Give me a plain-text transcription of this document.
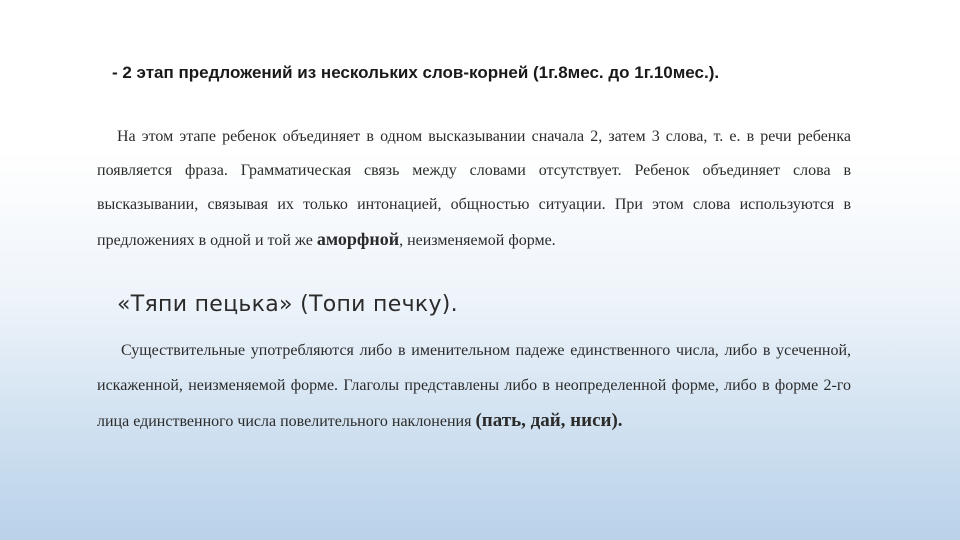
- 2 этап предложений из нескольких слов-корней (1г.8мес. до 1г.10мес.).
На этом этапе ребенок объединяет в одном высказывании сначала 2, затем 3 слова, т. е. в речи ребенка появляется фраза. Грамматическая связь между словами отсутствует. Ребенок объединяет слова в высказывании, связывая их только интонацией, общностью ситуации. При этом слова используются в предложениях в одной и той же аморфной, неизменяемой форме.
«Тяпи пецька» (Топи печку).
Существительные употребляются либо в именительном падеже единственного числа, либо в усеченной, искаженной, неизменяемой форме. Глаголы представлены либо в неопределенной форме, либо в форме 2-го лица единственного числа повелительного наклонения (пать, дай, ниси).
